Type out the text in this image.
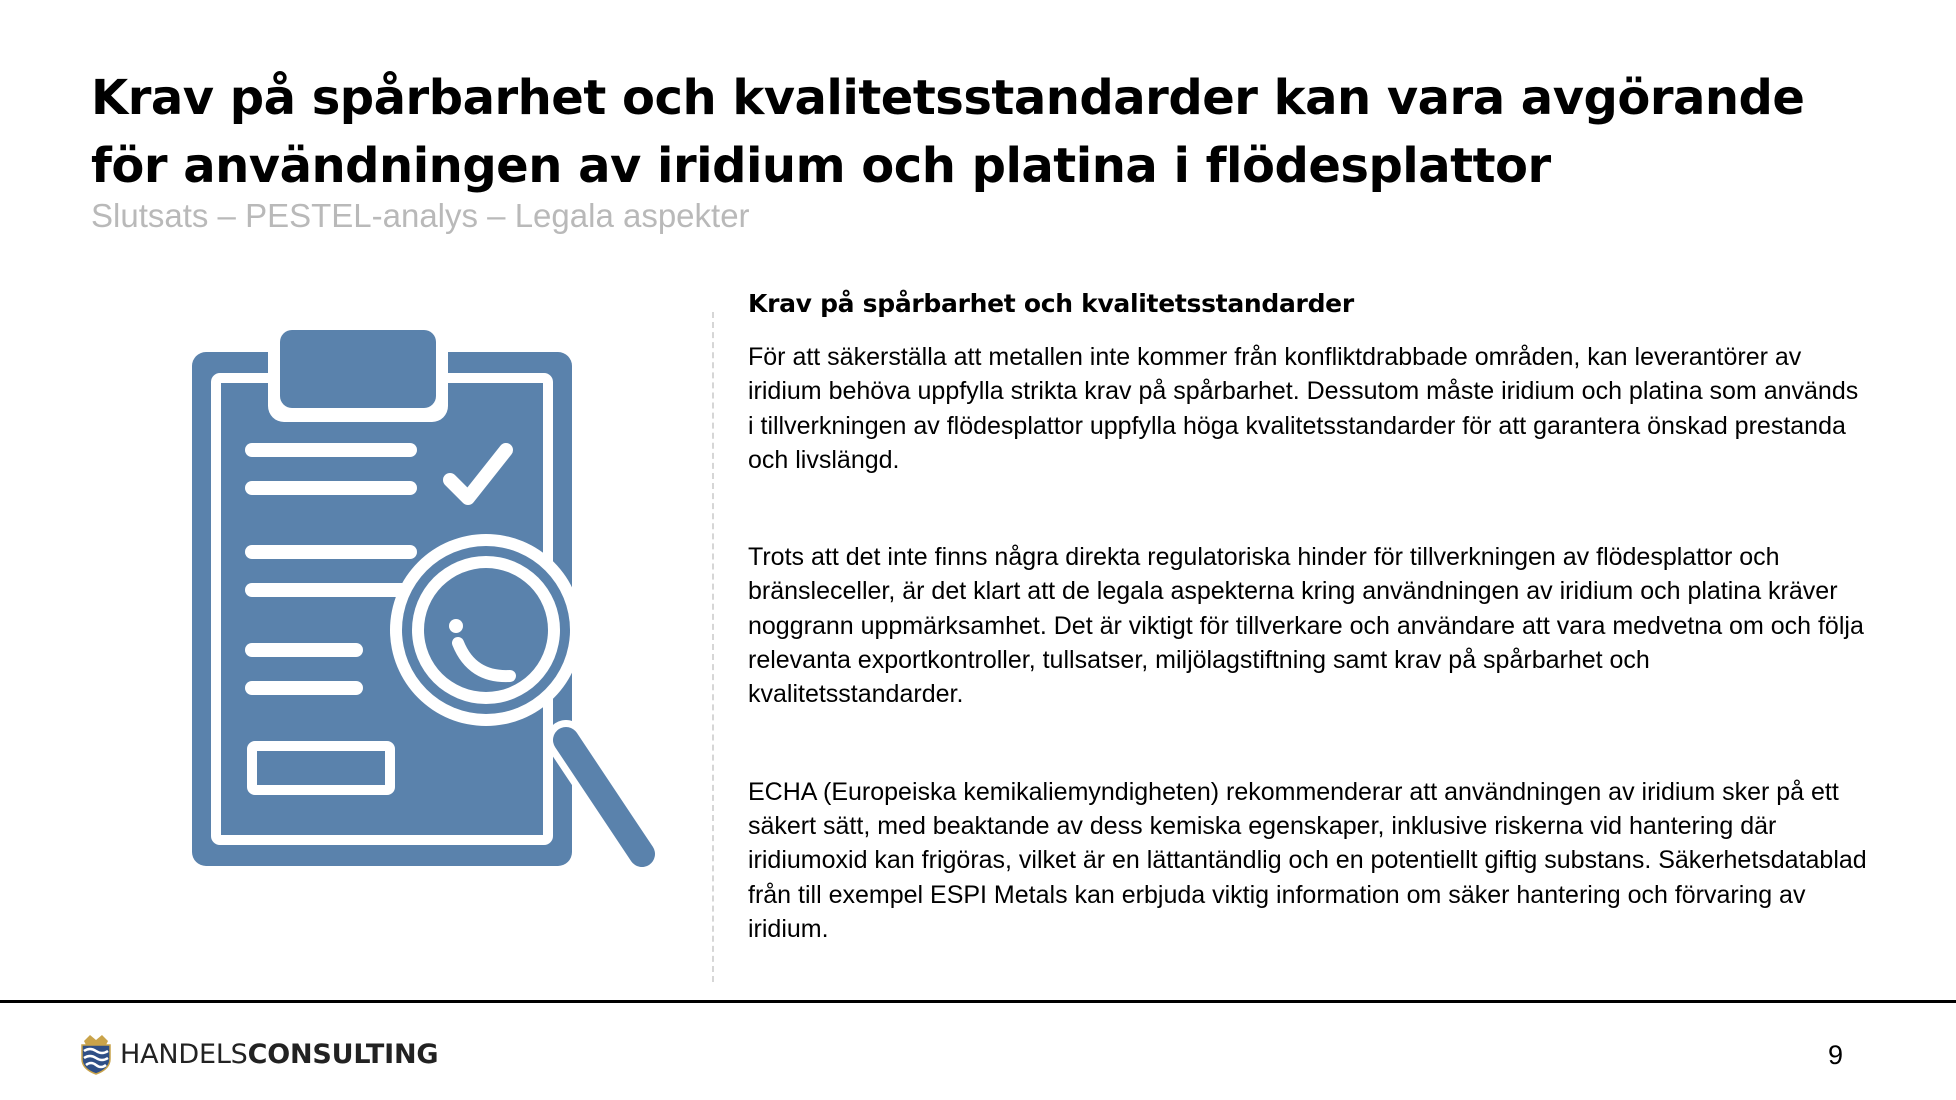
Krav på spårbarhet och kvalitetsstandarder kan vara avgörande för användningen av iridium och platina i flödesplattor
Slutsats – PESTEL-analys – Legala aspekter
Krav på spårbarhet och kvalitetsstandarder

För att säkerställa att metallen inte kommer från konfliktdrabbade områden, kan leverantörer av iridium behöva uppfylla strikta krav på spårbarhet. Dessutom måste iridium och platina som används i tillverkningen av flödesplattor uppfylla höga kvalitetsstandarder för att garantera önskad prestanda och livslängd.

Trots att det inte finns några direkta regulatoriska hinder för tillverkningen av flödesplattor och bränsleceller, är det klart att de legala aspekterna kring användningen av iridium och platina kräver noggrann uppmärksamhet. Det är viktigt för tillverkare och användare att vara medvetna om och följa relevanta exportkontroller, tullsatser, miljölagstiftning samt krav på spårbarhet och kvalitetsstandarder.

ECHA (Europeiska kemikaliemyndigheten) rekommenderar att användningen av iridium sker på ett säkert sätt, med beaktande av dess kemiska egenskaper, inklusive riskerna vid hantering där iridiumoxid kan frigöras, vilket är en lättantändlig och en potentiellt giftig substans. Säkerhetsdatablad från till exempel ESPI Metals kan erbjuda viktig information om säker hantering och förvaring av iridium.

HANDELSCONSULTING	9
